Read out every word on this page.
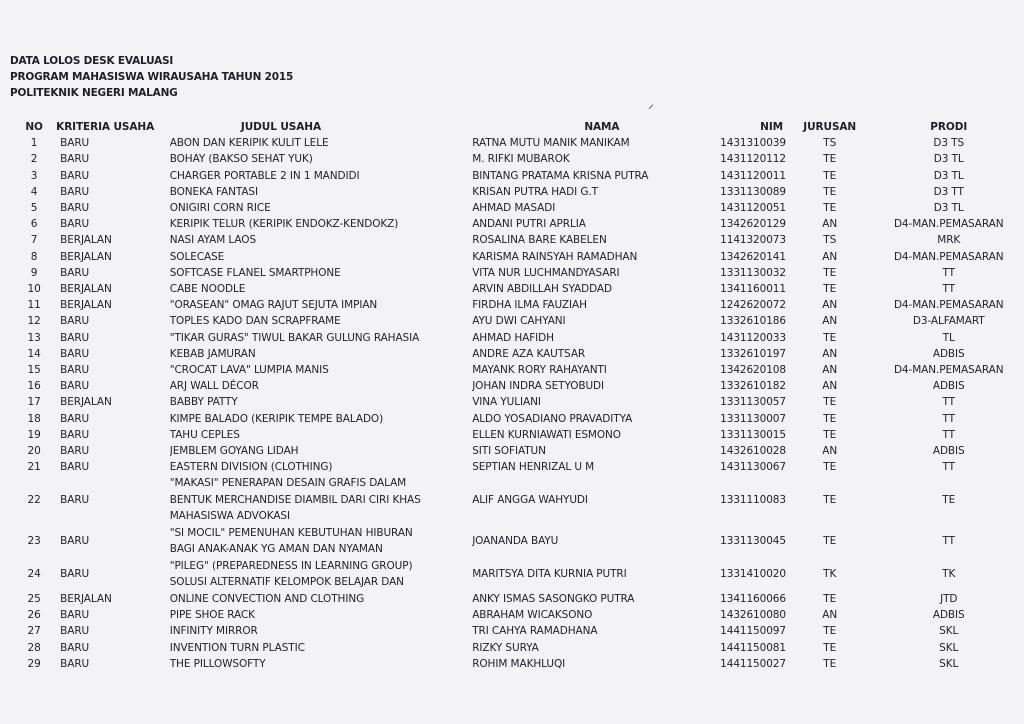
DATA LOLOS DESK EVALUASI
PROGRAM MAHASISWA WIRAUSAHA TAHUN 2015
POLITEKNIK NEGERI MALANG
⸍
NO	KRITERIA USAHA	JUDUL USAHA	NAMA	NIM	JURUSAN	PRODI
1	BARU	ABON DAN KERIPIK KULIT LELE	RATNA MUTU MANIK MANIKAM	1431310039	TS	D3 TS
2	BARU	BOHAY (BAKSO SEHAT YUK)	M. RIFKI MUBAROK	1431120112	TE	D3 TL
3	BARU	CHARGER PORTABLE 2 IN 1 MANDIDI	BINTANG PRATAMA KRISNA PUTRA	1431120011	TE	D3 TL
4	BARU	BONEKA FANTASI	KRISAN PUTRA HADI G.T	1331130089	TE	D3 TT
5	BARU	ONIGIRI CORN RICE	AHMAD MASADI	1431120051	TE	D3 TL
6	BARU	KERIPIK TELUR (KERIPIK ENDOKZ-KENDOKZ)	ANDANI PUTRI APRLIA	1342620129	AN	D4-MAN.PEMASARAN
7	BERJALAN	NASI AYAM LAOS	ROSALINA BARE KABELEN	1141320073	TS	MRK
8	BERJALAN	SOLECASE	KARISMA RAINSYAH RAMADHAN	1342620141	AN	D4-MAN.PEMASARAN
9	BARU	SOFTCASE FLANEL SMARTPHONE	VITA NUR LUCHMANDYASARI	1331130032	TE	TT
10	BERJALAN	CABE NOODLE	ARVIN ABDILLAH SYADDAD	1341160011	TE	TT
11	BERJALAN	"ORASEAN" OMAG RAJUT SEJUTA IMPIAN	FIRDHA ILMA FAUZIAH	1242620072	AN	D4-MAN.PEMASARAN
12	BARU	TOPLES KADO DAN SCRAPFRAME	AYU DWI CAHYANI	1332610186	AN	D3-ALFAMART
13	BARU	"TIKAR GURAS" TIWUL BAKAR GULUNG RAHASIA	AHMAD HAFIDH	1431120033	TE	TL
14	BARU	KEBAB JAMURAN	ANDRE AZA KAUTSAR	1332610197	AN	ADBIS
15	BARU	"CROCAT LAVA" LUMPIA MANIS	MAYANK RORY RAHAYANTI	1342620108	AN	D4-MAN.PEMASARAN
16	BARU	ARJ WALL DÉCOR	JOHAN INDRA SETYOBUDI	1332610182	AN	ADBIS
17	BERJALAN	BABBY PATTY	VINA YULIANI	1331130057	TE	TT
18	BARU	KIMPE BALADO (KERIPIK TEMPE BALADO)	ALDO YOSADIANO PRAVADITYA	1331130007	TE	TT
19	BARU	TAHU CEPLES	ELLEN KURNIAWATI ESMONO	1331130015	TE	TT
20	BARU	JEMBLEM GOYANG LIDAH	SITI SOFIATUN	1432610028	AN	ADBIS
21	BARU	EASTERN DIVISION (CLOTHING)	SEPTIAN HENRIZAL U M	1431130067	TE	TT
22	BARU	"MAKASI" PENERAPAN DESAIN GRAFIS DALAM
BENTUK MERCHANDISE DIAMBIL DARI CIRI KHAS
MAHASISWA ADVOKASI	ALIF ANGGA WAHYUDI	1331110083	TE	TE
23	BARU	"SI MOCIL" PEMENUHAN KEBUTUHAN HIBURAN
BAGI ANAK-ANAK YG AMAN DAN NYAMAN	JOANANDA BAYU	1331130045	TE	TT
24	BARU	"PILEG" (PREPAREDNESS IN LEARNING GROUP)
SOLUSI ALTERNATIF KELOMPOK BELAJAR DAN	MARITSYA DITA KURNIA PUTRI	1331410020	TK	TK
25	BERJALAN	ONLINE CONVECTION AND CLOTHING	ANKY ISMAS SASONGKO PUTRA	1341160066	TE	JTD
26	BARU	PIPE SHOE RACK	ABRAHAM WICAKSONO	1432610080	AN	ADBIS
27	BARU	INFINITY MIRROR	TRI CAHYA RAMADHANA	1441150097	TE	SKL
28	BARU	INVENTION TURN PLASTIC	RIZKY SURYA	1441150081	TE	SKL
29	BARU	THE PILLOWSOFTY	ROHIM MAKHLUQI	1441150027	TE	SKL
